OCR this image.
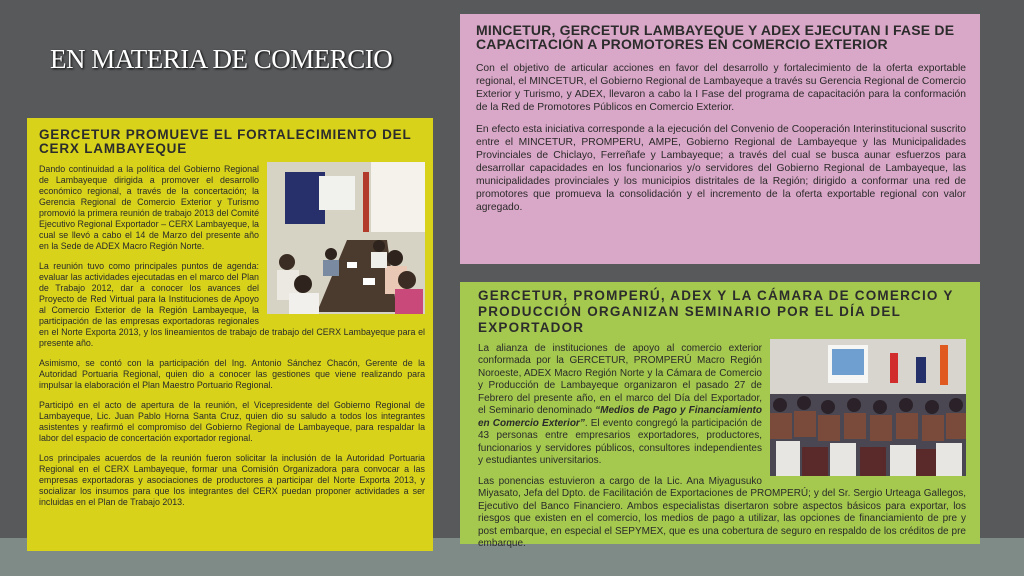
EN MATERIA DE COMERCIO
GERCETUR PROMUEVE EL FORTALECIMIENTO DEL CERX LAMBAYEQUE

Dando continuidad a la política del Gobierno Regional de Lambayeque dirigida a promover el desarrollo económico regional, a través de la concertación; la Gerencia Regional de Comercio Exterior y Turismo promovió la primera reunión de trabajo 2013 del Comité Ejecutivo Regional Exportador – CERX Lambayeque, la cual se llevó a cabo el 14 de Marzo del presente año en la Sede de ADEX Macro Región Norte.

La reunión tuvo como principales puntos de agenda: evaluar las actividades ejecutadas en el marco del Plan de Trabajo 2012, dar a conocer los avances del Proyecto de Red Virtual para la Instituciones de Apoyo al Comercio Exterior de la Región Lambayeque, la participación de las empresas exportadoras regionales en el Norte Exporta 2013, y los lineamientos de trabajo de trabajo del CERX Lambayeque para el presente año.

Asimismo, se contó con la participación del Ing. Antonio Sánchez Chacón, Gerente de la Autoridad Portuaria Regional, quien dio a conocer las gestiones que viene realizando para impulsar la elaboración el Plan Maestro Portuario Regional.

Participó en el acto de apertura de la reunión, el Vicepresidente del Gobierno Regional de Lambayeque, Lic. Juan Pablo Horna Santa Cruz, quien dio su saludo a todos los integrantes asistentes y reafirmó el compromiso del Gobierno Regional de Lambayeque, para respaldar la labor del espacio de concertación exportador regional.

Los principales acuerdos de la reunión fueron solicitar la inclusión de la Autoridad Portuaria Regional en el CERX Lambayeque, formar una Comisión Organizadora para convocar a las empresas exportadoras y asociaciones de productores a participar del Norte Exporta 2013, y socializar los insumos para que los integrantes del CERX puedan proponer actividades a ser incluidas en el Plan de Trabajo 2013.

MINCETUR, GERCETUR LAMBAYEQUE Y ADEX EJECUTAN I FASE DE CAPACITACIÓN A PROMOTORES EN COMERCIO EXTERIOR

Con el objetivo de articular acciones en favor del desarrollo y fortalecimiento de la oferta exportable regional, el MINCETUR, el Gobierno Regional de Lambayeque a través su Gerencia Regional de Comercio Exterior y Turismo, y ADEX, llevaron a cabo la I Fase del programa de capacitación para la conformación de la Red de Promotores Públicos en Comercio Exterior.

En efecto esta iniciativa corresponde a la ejecución del Convenio de Cooperación Interinstitucional suscrito entre el MINCETUR, PROMPERU, AMPE, Gobierno Regional de Lambayeque y las Municipalidades Provinciales de Chiclayo, Ferreñafe y Lambayeque; a través del cual se busca aunar esfuerzos para desarrollar capacidades en los funcionarios y/o servidores del Gobierno Regional de Lambayeque, las municipalidades provinciales y los municipios distritales de la Región; dirigido a conformar una red de promotores que promueva la consolidación y el incremento de la oferta exportable regional con valor agregado.

GERCETUR, PROMPERÚ, ADEX Y LA CÁMARA DE COMERCIO Y PRODUCCIÓN ORGANIZAN SEMINARIO POR EL DÍA DEL EXPORTADOR

La alianza de instituciones de apoyo al comercio exterior conformada por la GERCETUR, PROMPERÚ Macro Región Noroeste, ADEX Macro Región Norte y la Cámara de Comercio y Producción de Lambayeque organizaron el pasado 27 de Febrero del presente año, en el marco del Día del Exportador, el Seminario denominado “Medios de Pago y Financiamiento en Comercio Exterior”. El evento congregó la participación de 43 personas entre empresarios exportadores, productores, funcionarios y servidores públicos, consultores independientes y estudiantes universitarios.

Las ponencias estuvieron a cargo de la Lic. Ana Miyagusuko Miyasato, Jefa del Dpto. de Facilitación de Exportaciones de PROMPERÚ; y del Sr. Sergio Urteaga Gallegos, Ejecutivo del Banco Financiero. Ambos especialistas disertaron sobre aspectos básicos para exportar, los riesgos que existen en el comercio, los medios de pago a utilizar, las opciones de financiamiento de pre y post embarque, en especial el SEPYMEX, que es una cobertura de seguro en respaldo de los créditos de pre embarque.
